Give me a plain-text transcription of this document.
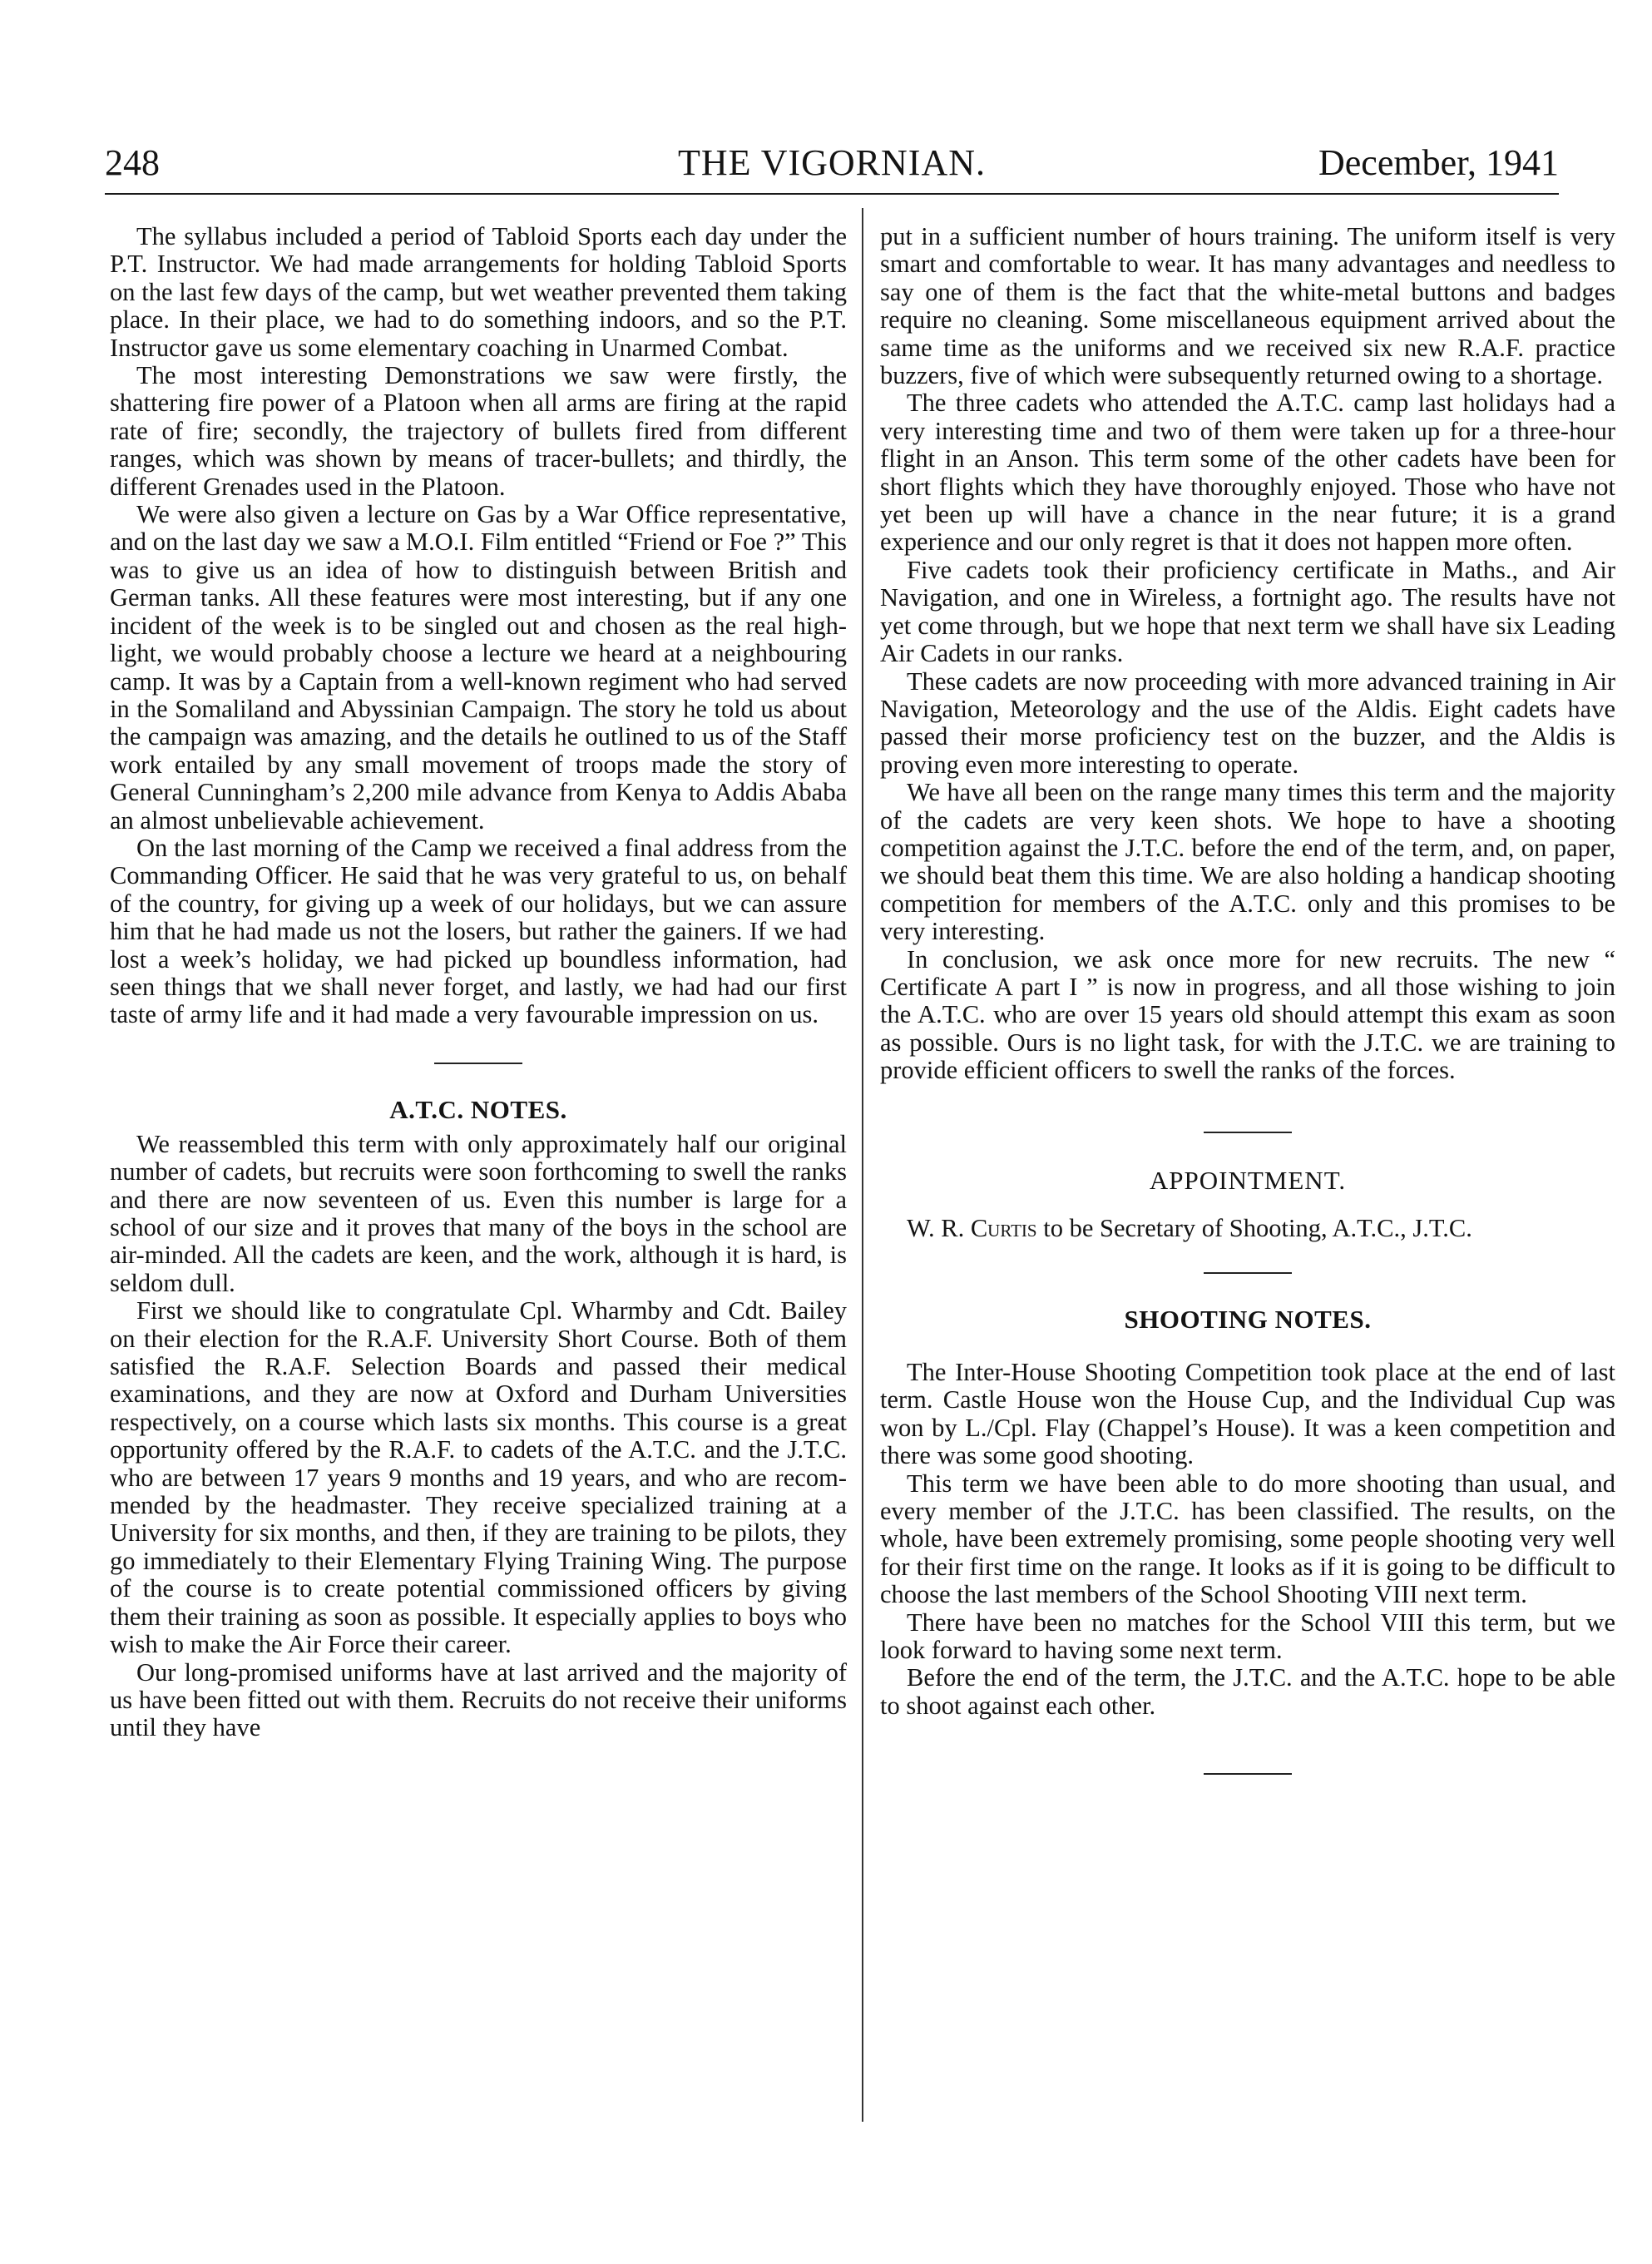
248	THE VIGORNIAN.	December, 1941

The syllabus included a period of Tabloid Sports each day under the P.T. Instructor. We had made arrangements for holding Tabloid Sports on the last few days of the camp, but wet weather prevented them taking place. In their place, we had to do something indoors, and so the P.T. Instructor gave us some elementary coaching in Unarmed Combat.

The most interesting Demonstrations we saw were firstly, the shattering fire power of a Platoon when all arms are firing at the rapid rate of fire; secondly, the trajectory of bullets fired from different ranges, which was shown by means of tracer-bullets; and thirdly, the different Grenades used in the Platoon.

We were also given a lecture on Gas by a War Office representative, and on the last day we saw a M.O.I. Film entitled “Friend or Foe ?” This was to give us an idea of how to distinguish between British and German tanks. All these features were most interesting, but if any one incident of the week is to be singled out and chosen as the real high-light, we would probably choose a lecture we heard at a neighbouring camp. It was by a Captain from a well-known regiment who had served in the Somaliland and Abyssinian Campaign. The story he told us about the campaign was amazing, and the details he outlined to us of the Staff work entailed by any small movement of troops made the story of General Cunningham’s 2,200 mile advance from Kenya to Addis Ababa an almost unbelievable achievement.

On the last morning of the Camp we received a final address from the Commanding Officer. He said that he was very grateful to us, on behalf of the country, for giving up a week of our holidays, but we can assure him that he had made us not the losers, but rather the gainers. If we had lost a week’s holiday, we had picked up boundless information, had seen things that we shall never forget, and lastly, we had had our first taste of army life and it had made a very favourable impression on us.

A.T.C. NOTES.

We reassembled this term with only approximately half our original number of cadets, but recruits were soon forthcoming to swell the ranks and there are now seventeen of us. Even this number is large for a school of our size and it proves that many of the boys in the school are air-minded. All the cadets are keen, and the work, although it is hard, is seldom dull.

First we should like to congratulate Cpl. Wharmby and Cdt. Bailey on their election for the R.A.F. University Short Course. Both of them satisfied the R.A.F. Selection Boards and passed their medical examinations, and they are now at Oxford and Durham Universities respectively, on a course which lasts six months. This course is a great opportunity offered by the R.A.F. to cadets of the A.T.C. and the J.T.C. who are between 17 years 9 months and 19 years, and who are recommended by the headmaster. They receive specialized training at a University for six months, and then, if they are training to be pilots, they go immediately to their Elementary Flying Training Wing. The purpose of the course is to create potential commissioned officers by giving them their training as soon as possible. It especially applies to boys who wish to make the Air Force their career.

Our long-promised uniforms have at last arrived and the majority of us have been fitted out with them. Recruits do not receive their uniforms until they have

put in a sufficient number of hours training. The uniform itself is very smart and comfortable to wear. It has many advantages and needless to say one of them is the fact that the white-metal buttons and badges require no cleaning. Some miscellaneous equipment arrived about the same time as the uniforms and we received six new R.A.F. practice buzzers, five of which were subsequently returned owing to a shortage.

The three cadets who attended the A.T.C. camp last holidays had a very interesting time and two of them were taken up for a three-hour flight in an Anson. This term some of the other cadets have been for short flights which they have thoroughly enjoyed. Those who have not yet been up will have a chance in the near future; it is a grand experience and our only regret is that it does not happen more often.

Five cadets took their proficiency certificate in Maths., and Air Navigation, and one in Wireless, a fortnight ago. The results have not yet come through, but we hope that next term we shall have six Leading Air Cadets in our ranks.

These cadets are now proceeding with more advanced training in Air Navigation, Meteorology and the use of the Aldis. Eight cadets have passed their morse proficiency test on the buzzer, and the Aldis is proving even more interesting to operate.

We have all been on the range many times this term and the majority of the cadets are very keen shots. We hope to have a shooting competition against the J.T.C. before the end of the term, and, on paper, we should beat them this time. We are also holding a handicap shooting competition for members of the A.T.C. only and this promises to be very interesting.

In conclusion, we ask once more for new recruits. The new “ Certificate A part I ” is now in progress, and all those wishing to join the A.T.C. who are over 15 years old should attempt this exam as soon as possible. Ours is no light task, for with the J.T.C. we are training to provide efficient officers to swell the ranks of the forces.

APPOINTMENT.

W. R. Curtis to be Secretary of Shooting, A.T.C., J.T.C.

SHOOTING NOTES.

The Inter-House Shooting Competition took place at the end of last term. Castle House won the House Cup, and the Individual Cup was won by L./Cpl. Flay (Chappel’s House). It was a keen competition and there was some good shooting.

This term we have been able to do more shooting than usual, and every member of the J.T.C. has been classified. The results, on the whole, have been extremely promising, some people shooting very well for their first time on the range. It looks as if it is going to be difficult to choose the last members of the School Shooting VIII next term.

There have been no matches for the School VIII this term, but we look forward to having some next term.

Before the end of the term, the J.T.C. and the A.T.C. hope to be able to shoot against each other.
